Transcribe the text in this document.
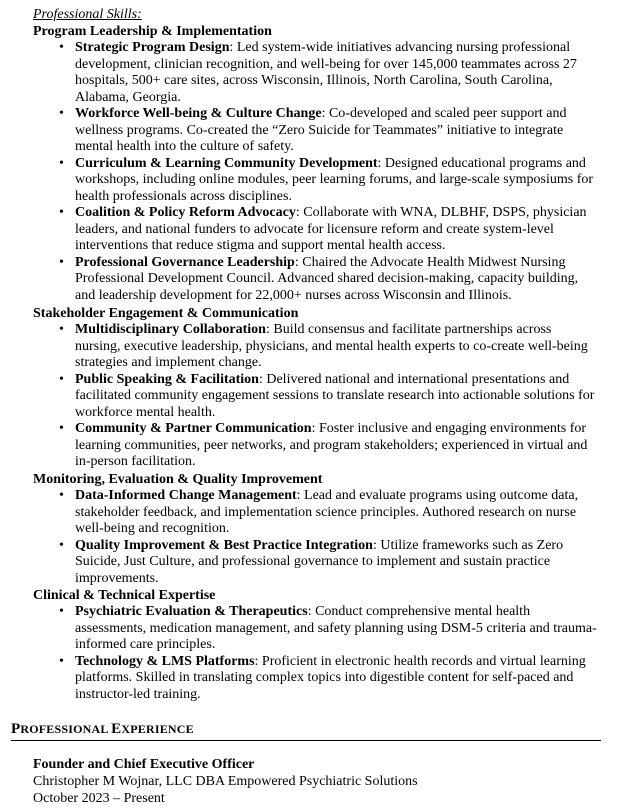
Professional Skills:
Program Leadership & Implementation
• Strategic Program Design: Led system-wide initiatives advancing nursing professional development, clinician recognition, and well-being for over 145,000 teammates across 27 hospitals, 500+ care sites, across Wisconsin, Illinois, North Carolina, South Carolina, Alabama, Georgia.
• Workforce Well-being & Culture Change: Co-developed and scaled peer support and wellness programs. Co-created the “Zero Suicide for Teammates” initiative to integrate mental health into the culture of safety.
• Curriculum & Learning Community Development: Designed educational programs and workshops, including online modules, peer learning forums, and large-scale symposiums for health professionals across disciplines.
• Coalition & Policy Reform Advocacy: Collaborate with WNA, DLBHF, DSPS, physician leaders, and national funders to advocate for licensure reform and create system-level interventions that reduce stigma and support mental health access.
• Professional Governance Leadership: Chaired the Advocate Health Midwest Nursing Professional Development Council. Advanced shared decision-making, capacity building, and leadership development for 22,000+ nurses across Wisconsin and Illinois.
Stakeholder Engagement & Communication
• Multidisciplinary Collaboration: Build consensus and facilitate partnerships across nursing, executive leadership, physicians, and mental health experts to co-create well-being strategies and implement change.
• Public Speaking & Facilitation: Delivered national and international presentations and facilitated community engagement sessions to translate research into actionable solutions for workforce mental health.
• Community & Partner Communication: Foster inclusive and engaging environments for learning communities, peer networks, and program stakeholders; experienced in virtual and in-person facilitation.
Monitoring, Evaluation & Quality Improvement
• Data-Informed Change Management: Lead and evaluate programs using outcome data, stakeholder feedback, and implementation science principles. Authored research on nurse well-being and recognition.
• Quality Improvement & Best Practice Integration: Utilize frameworks such as Zero Suicide, Just Culture, and professional governance to implement and sustain practice improvements.
Clinical & Technical Expertise
• Psychiatric Evaluation & Therapeutics: Conduct comprehensive mental health assessments, medication management, and safety planning using DSM-5 criteria and trauma-informed care principles.
• Technology & LMS Platforms: Proficient in electronic health records and virtual learning platforms. Skilled in translating complex topics into digestible content for self-paced and instructor-led training.
PROFESSIONAL EXPERIENCE
Founder and Chief Executive Officer
Christopher M Wojnar, LLC DBA Empowered Psychiatric Solutions
October 2023 – Present
